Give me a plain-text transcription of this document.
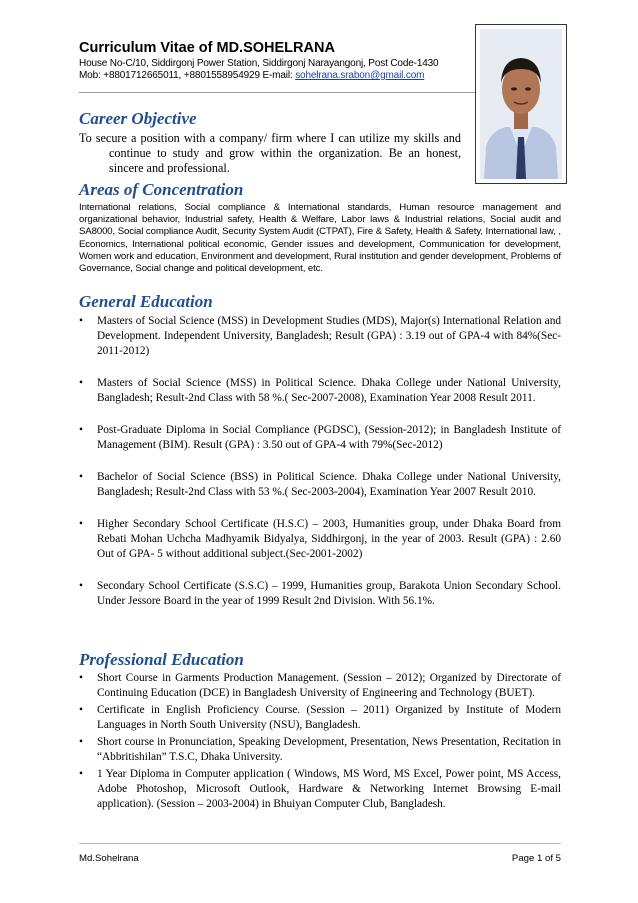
Curriculum Vitae of MD.SOHELRANA
House No-C/10, Siddirgonj Power Station, Siddirgonj Narayangonj, Post Code-1430
Mob: +8801712665011, +8801558954929 E-mail: sohelrana.srabon@gmail.com
Career Objective
To secure a position with a company/ firm where I can utilize my skills and continue to study and grow within the organization. Be an honest, sincere and professional.
Areas of Concentration
International relations, Social compliance & International standards, Human resource management and organizational behavior, Industrial safety, Health & Welfare, Labor laws & Industrial relations, Social audit and SA8000, Social compliance Audit, Security System Audit (CTPAT), Fire & Safety, Health & Safety, International law, , Economics, International political economic, Gender issues and development, Communication for development, Women work and education, Environment and development, Rural institution and gender development, Problems of Governance, Social change and political development, etc.
General Education
• Masters of Social Science (MSS) in Development Studies (MDS), Major(s) International Relation and Development. Independent University, Bangladesh; Result (GPA) : 3.19 out of GPA-4 with 84%(Sec-2011-2012)
• Masters of Social Science (MSS) in Political Science. Dhaka College under National University, Bangladesh; Result-2nd Class with 58 %.( Sec-2007-2008), Examination Year 2008 Result 2011.
• Post-Graduate Diploma in Social Compliance (PGDSC), (Session-2012); in Bangladesh Institute of Management (BIM). Result (GPA) : 3.50 out of GPA-4 with 79%(Sec-2012)
• Bachelor of Social Science (BSS) in Political Science. Dhaka College under National University, Bangladesh; Result-2nd Class with 53 %.( Sec-2003-2004), Examination Year 2007 Result 2010.
• Higher Secondary School Certificate (H.S.C) – 2003, Humanities group, under Dhaka Board from Rebati Mohan Uchcha Madhyamik Bidyalya, Siddhirgonj, in the year of 2003. Result (GPA) : 2.60 Out of GPA- 5 without additional subject.(Sec-2001-2002)
• Secondary School Certificate (S.S.C) – 1999, Humanities group, Barakota Union Secondary School. Under Jessore Board in the year of 1999 Result 2nd Division. With 56.1%.
Professional Education
• Short Course in Garments Production Management. (Session – 2012); Organized by Directorate of Continuing Education (DCE) in Bangladesh University of Engineering and Technology (BUET).
• Certificate in English Proficiency Course. (Session – 2011) Organized by Institute of Modern Languages in North South University (NSU), Bangladesh.
• Short course in Pronunciation, Speaking Development, Presentation, News Presentation, Recitation in “Abbritishilan” T.S.C, Dhaka University.
• 1 Year Diploma in Computer application ( Windows, MS Word, MS Excel, Power point, MS Access, Adobe Photoshop, Microsoft Outlook, Hardware & Networking Internet Browsing E-mail application). (Session – 2003-2004) in Bhuiyan Computer Club, Bangladesh.
Md.Sohelrana	Page 1 of 5
